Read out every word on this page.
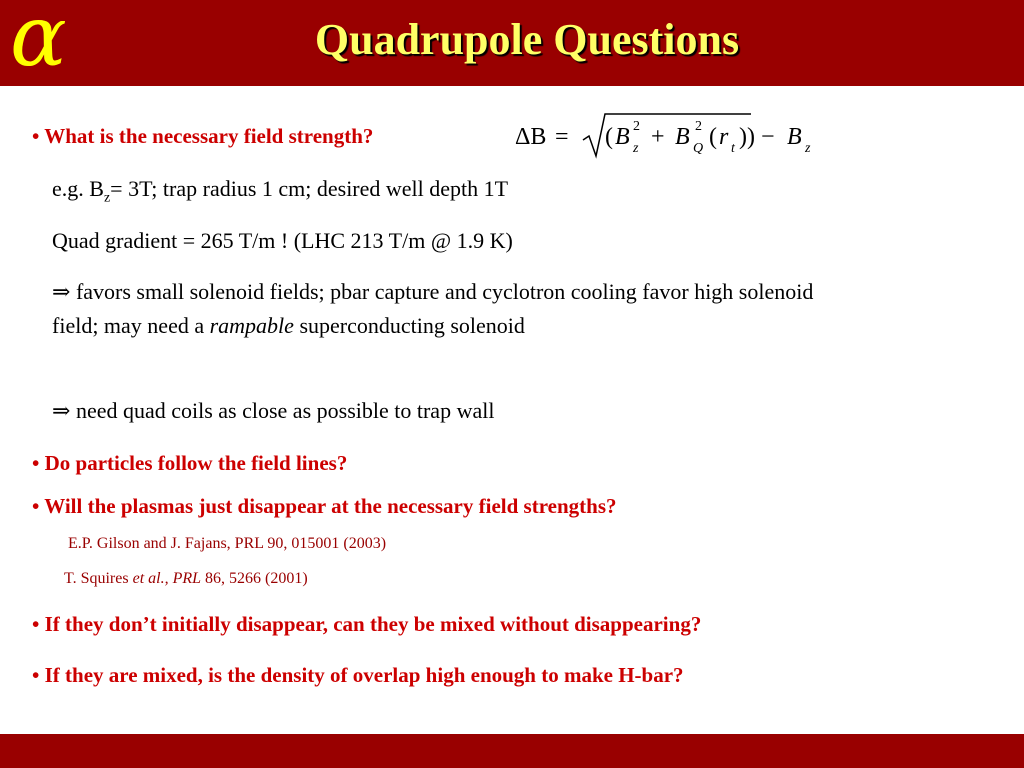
α	Quadrupole Questions
• What is the necessary field strength?	ΔB = ( B z
2 + B Q
2 ( r t )) − B z
e.g. $B_z= 3T$; trap radius 1 cm; desired well depth 1T
Quad gradient = 265 T/m ! (LHC 213 T/m @ 1.9 K)
⇒ favors small solenoid fields; pbar capture and cyclotron cooling favor high solenoid field; may need a rampable superconducting solenoid
⇒ need quad coils as close as possible to trap wall
• Do particles follow the field lines?
• Will the plasmas just disappear at the necessary field strengths?
E.P. Gilson and J. Fajans, PRL 90, 015001 (2003)
T. Squires et al., PRL 86, 5266 (2001)
• If they don’t initially disappear, can they be mixed without disappearing?
• If they are mixed, is the density of overlap high enough to make H-bar?
